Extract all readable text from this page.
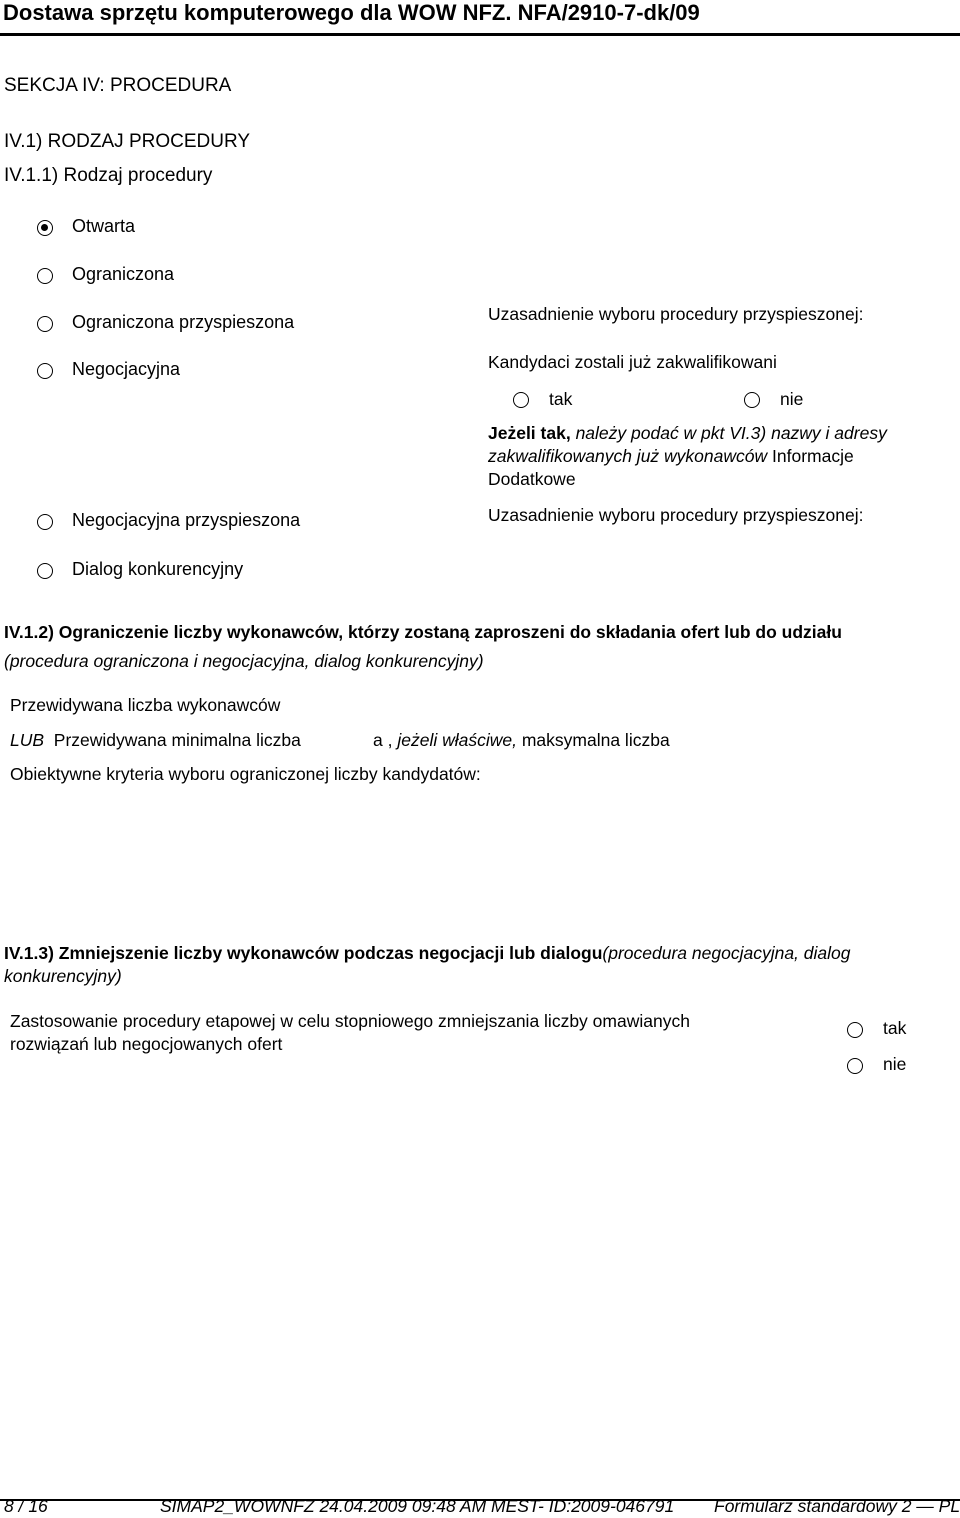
Dostawa sprzętu komputerowego dla WOW NFZ. NFA/2910-7-dk/09
SEKCJA IV: PROCEDURA
IV.1) RODZAJ PROCEDURY
IV.1.1) Rodzaj procedury
Otwarta
Ograniczona
Ograniczona przyspieszona
Negocjacyjna
Negocjacyjna przyspieszona
Dialog konkurencyjny
Uzasadnienie wyboru procedury przyspieszonej:
Kandydaci zostali już zakwalifikowani
tak	nie
Jeżeli tak, należy podać w pkt VI.3) nazwy i adresy
zakwalifikowanych już wykonawców Informacje
Dodatkowe
Uzasadnienie wyboru procedury przyspieszonej:
IV.1.2) Ograniczenie liczby wykonawców, którzy zostaną zaproszeni do składania ofert lub do udziału
(procedura ograniczona i negocjacyjna, dialog konkurencyjny)
Przewidywana liczba wykonawców
LUB Przewidywana minimalna liczba	a , jeżeli właściwe, maksymalna liczba
Obiektywne kryteria wyboru ograniczonej liczby kandydatów:
IV.1.3) Zmniejszenie liczby wykonawców podczas negocjacji lub dialogu(procedura negocjacyjna, dialog
konkurencyjny)
Zastosowanie procedury etapowej w celu stopniowego zmniejszania liczby omawianych
rozwiązań lub negocjowanych ofert
tak
nie
8 / 16	SIMAP2_WOWNFZ 24.04.2009 09:48 AM MEST- ID:2009-046791 Formularz standardowy 2 — PL
